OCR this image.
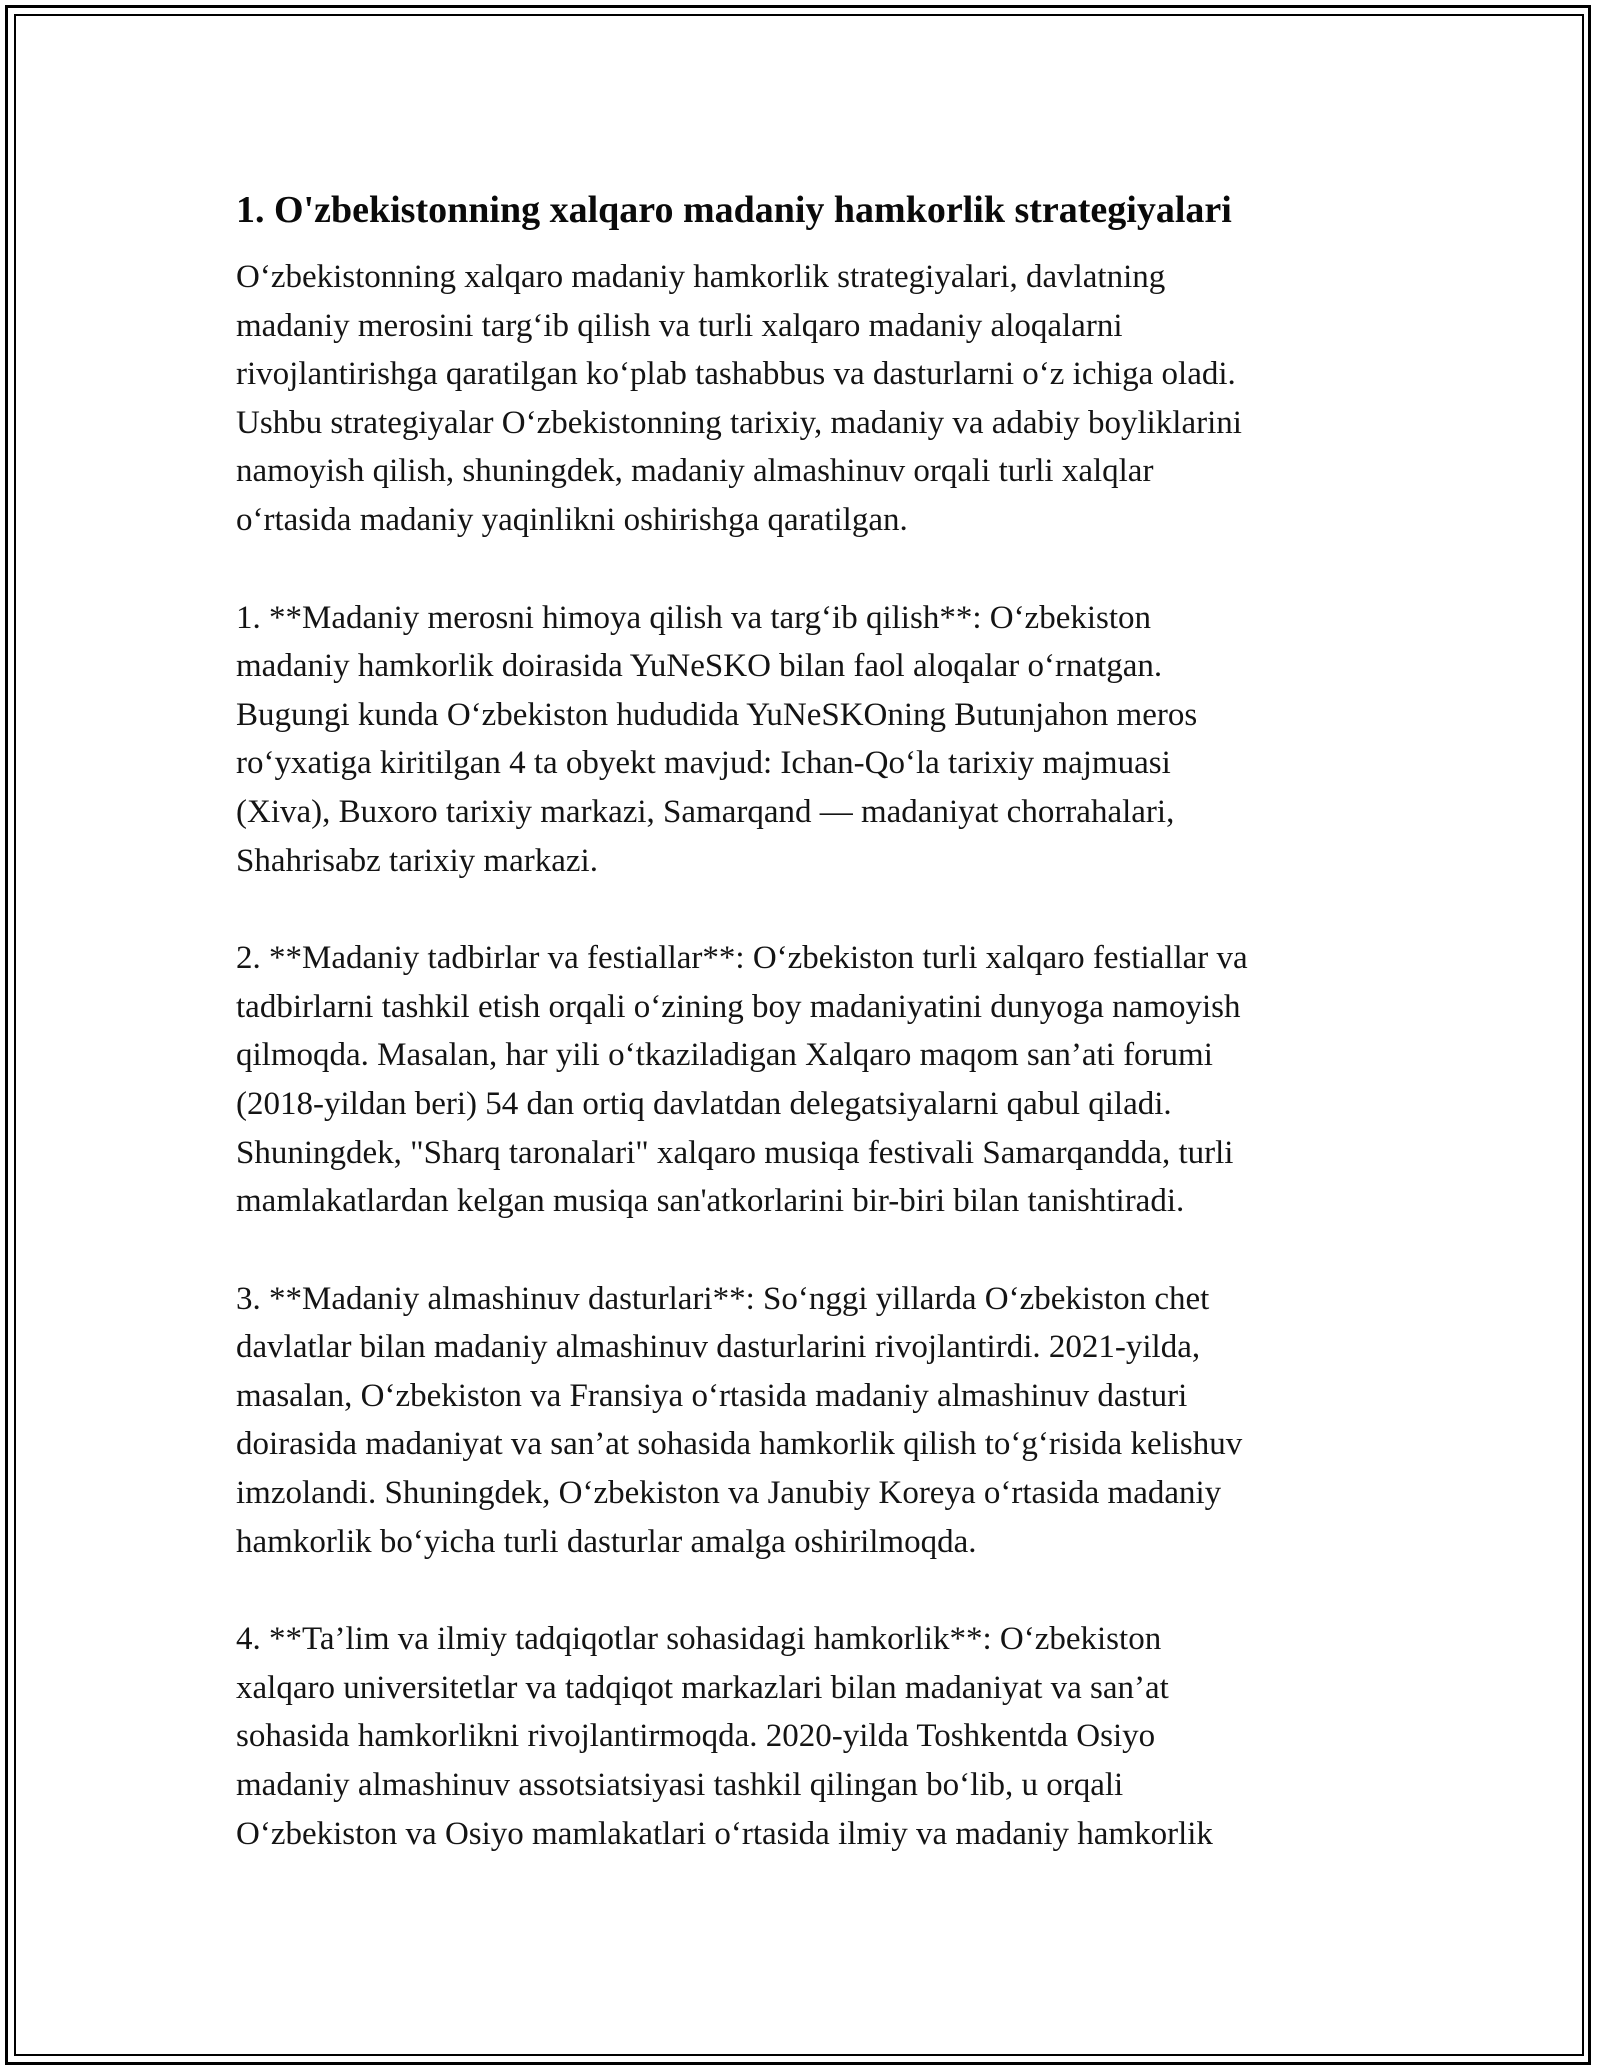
1. O'zbekistonning xalqaro madaniy hamkorlik strategiyalari

O‘zbekistonning xalqaro madaniy hamkorlik strategiyalari, davlatning
madaniy merosini targ‘ib qilish va turli xalqaro madaniy aloqalarni
rivojlantirishga qaratilgan ko‘plab tashabbus va dasturlarni o‘z ichiga oladi.
Ushbu strategiyalar O‘zbekistonning tarixiy, madaniy va adabiy boyliklarini
namoyish qilish, shuningdek, madaniy almashinuv orqali turli xalqlar
o‘rtasida madaniy yaqinlikni oshirishga qaratilgan.

1. **Madaniy merosni himoya qilish va targ‘ib qilish**: O‘zbekiston
madaniy hamkorlik doirasida YuNeSKO bilan faol aloqalar o‘rnatgan.
Bugungi kunda O‘zbekiston hududida YuNeSKOning Butunjahon meros
ro‘yxatiga kiritilgan 4 ta obyekt mavjud: Ichan-Qo‘la tarixiy majmuasi
(Xiva), Buxoro tarixiy markazi, Samarqand — madaniyat chorrahalari,
Shahrisabz tarixiy markazi.

2. **Madaniy tadbirlar va festiallar**: O‘zbekiston turli xalqaro festiallar va
tadbirlarni tashkil etish orqali o‘zining boy madaniyatini dunyoga namoyish
qilmoqda. Masalan, har yili o‘tkaziladigan Xalqaro maqom san’ati forumi
(2018-yildan beri) 54 dan ortiq davlatdan delegatsiyalarni qabul qiladi.
Shuningdek, "Sharq taronalari" xalqaro musiqa festivali Samarqandda, turli
mamlakatlardan kelgan musiqa san'atkorlarini bir-biri bilan tanishtiradi.

3. **Madaniy almashinuv dasturlari**: So‘nggi yillarda O‘zbekiston chet
davlatlar bilan madaniy almashinuv dasturlarini rivojlantirdi. 2021-yilda,
masalan, O‘zbekiston va Fransiya o‘rtasida madaniy almashinuv dasturi
doirasida madaniyat va san’at sohasida hamkorlik qilish to‘g‘risida kelishuv
imzolandi. Shuningdek, O‘zbekiston va Janubiy Koreya o‘rtasida madaniy
hamkorlik bo‘yicha turli dasturlar amalga oshirilmoqda.

4. **Ta’lim va ilmiy tadqiqotlar sohasidagi hamkorlik**: O‘zbekiston
xalqaro universitetlar va tadqiqot markazlari bilan madaniyat va san’at
sohasida hamkorlikni rivojlantirmoqda. 2020-yilda Toshkentda Osiyo
madaniy almashinuv assotsiatsiyasi tashkil qilingan bo‘lib, u orqali
O‘zbekiston va Osiyo mamlakatlari o‘rtasida ilmiy va madaniy hamkorlik
